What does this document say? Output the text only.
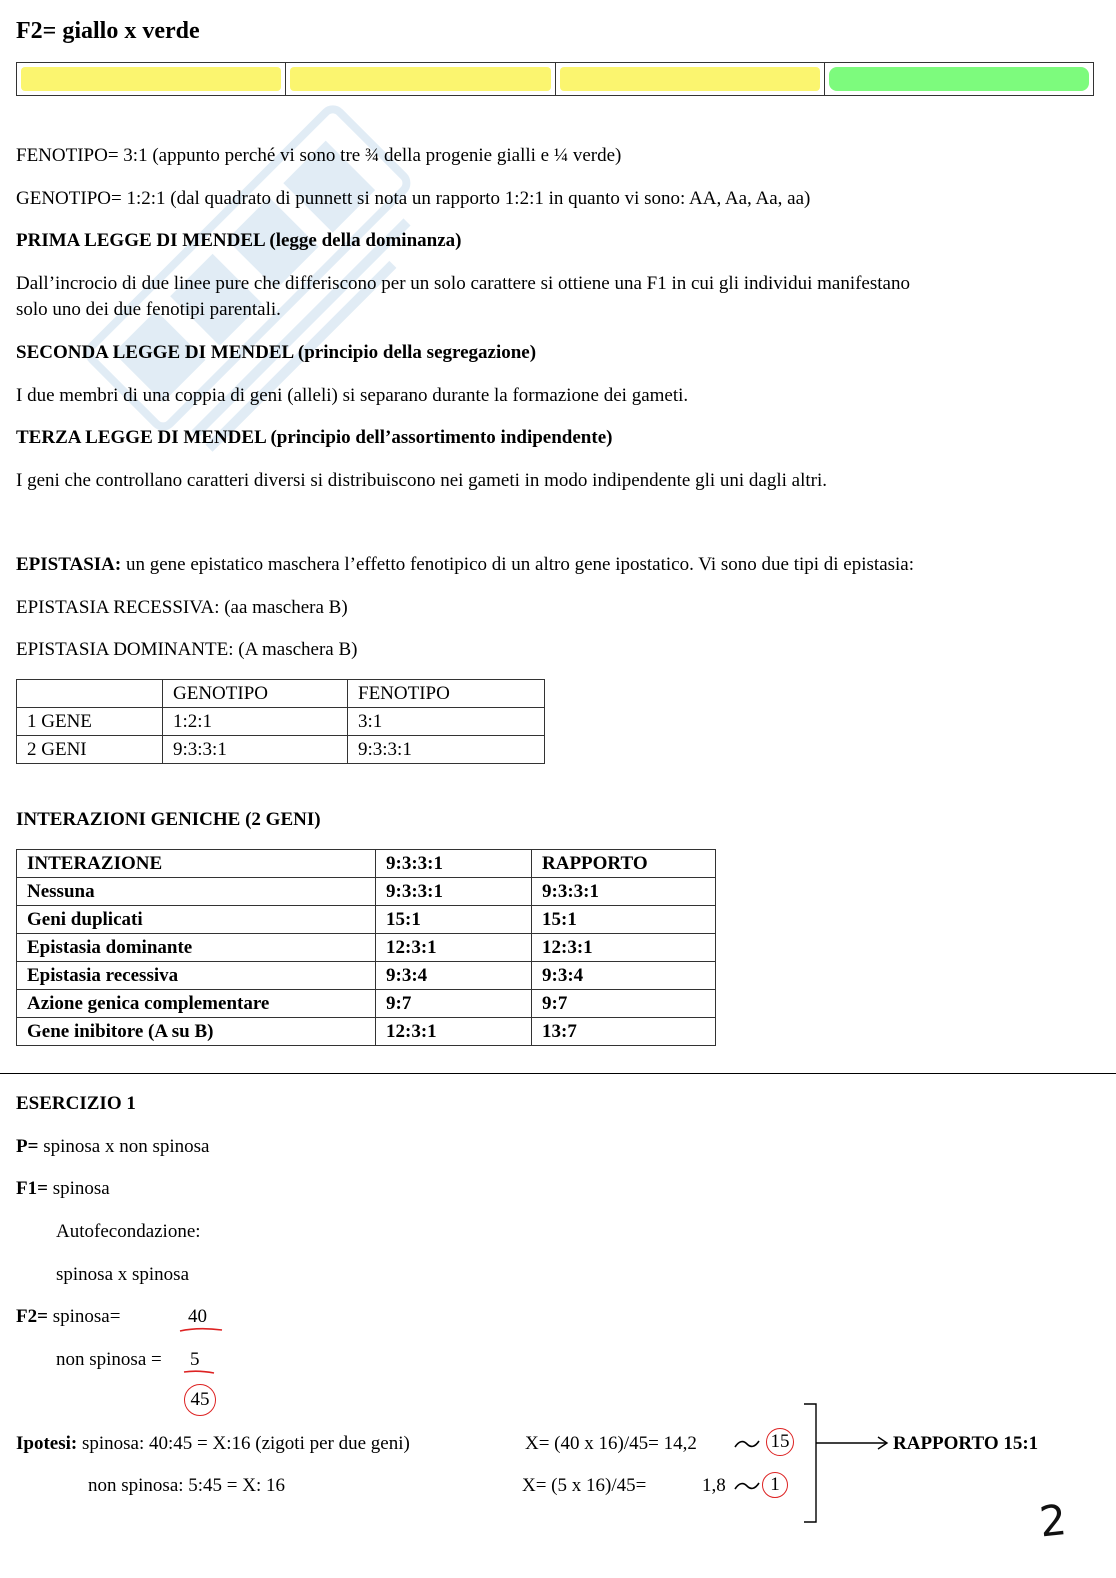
F2= giallo x verde
FENOTIPO= 3:1 (appunto perché vi sono tre ¾ della progenie gialli e ¼ verde)
GENOTIPO= 1:2:1 (dal quadrato di punnett si nota un rapporto 1:2:1 in quanto vi sono: AA, Aa, Aa, aa)
PRIMA LEGGE DI MENDEL (legge della dominanza)
Dall’incrocio di due linee pure che differiscono per un solo carattere si ottiene una F1 in cui gli individui manifestano
solo uno dei due fenotipi parentali.
SECONDA LEGGE DI MENDEL (principio della segregazione)
I due membri di una coppia di geni (alleli) si separano durante la formazione dei gameti.
TERZA LEGGE DI MENDEL (principio dell’assortimento indipendente)
I geni che controllano caratteri diversi si distribuiscono nei gameti in modo indipendente gli uni dagli altri.
EPISTASIA: un gene epistatico maschera l’effetto fenotipico di un altro gene ipostatico. Vi sono due tipi di epistasia:
EPISTASIA RECESSIVA: (aa maschera B)
EPISTASIA DOMINANTE: (A maschera B)
	GENOTIPO	FENOTIPO
1 GENE	1:2:1	3:1
2 GENI	9:3:3:1	9:3:3:1
INTERAZIONI GENICHE (2 GENI)
INTERAZIONE	9:3:3:1	RAPPORTO
Nessuna	9:3:3:1	9:3:3:1
Geni duplicati	15:1	15:1
Epistasia dominante	12:3:1	12:3:1
Epistasia recessiva	9:3:4	9:3:4
Azione genica complementare	9:7	9:7
Gene inibitore (A su B)	12:3:1	13:7
ESERCIZIO 1
P= spinosa x non spinosa
F1= spinosa
Autofecondazione:
spinosa x spinosa
F2= spinosa=	40
non spinosa = 5
45
Ipotesi: spinosa: 40:45 = X:16 (zigoti per due geni)	X= (40 x 16)/45= 14,2	15
non spinosa: 5:45 = X: 16	X= (5 x 16)/45=	1,8	1
RAPPORTO 15:1
2
